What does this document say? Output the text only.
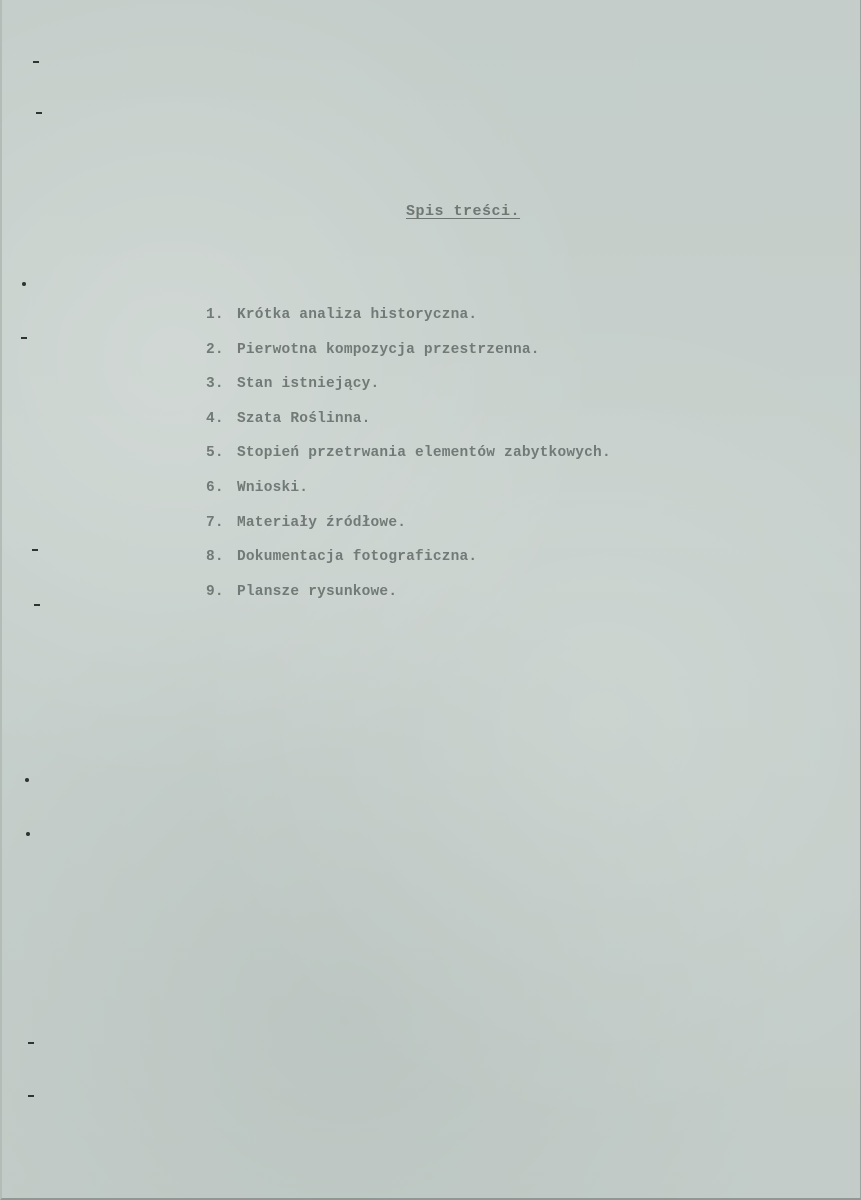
Spis treści.
1. Krótka analiza historyczna.
2. Pierwotna kompozycja przestrzenna.
3. Stan istniejący.
4. Szata Roślinna.
5. Stopień przetrwania elementów zabytkowych.
6. Wnioski.
7. Materiały źródłowe.
8. Dokumentacja fotograficzna.
9. Plansze rysunkowe.
